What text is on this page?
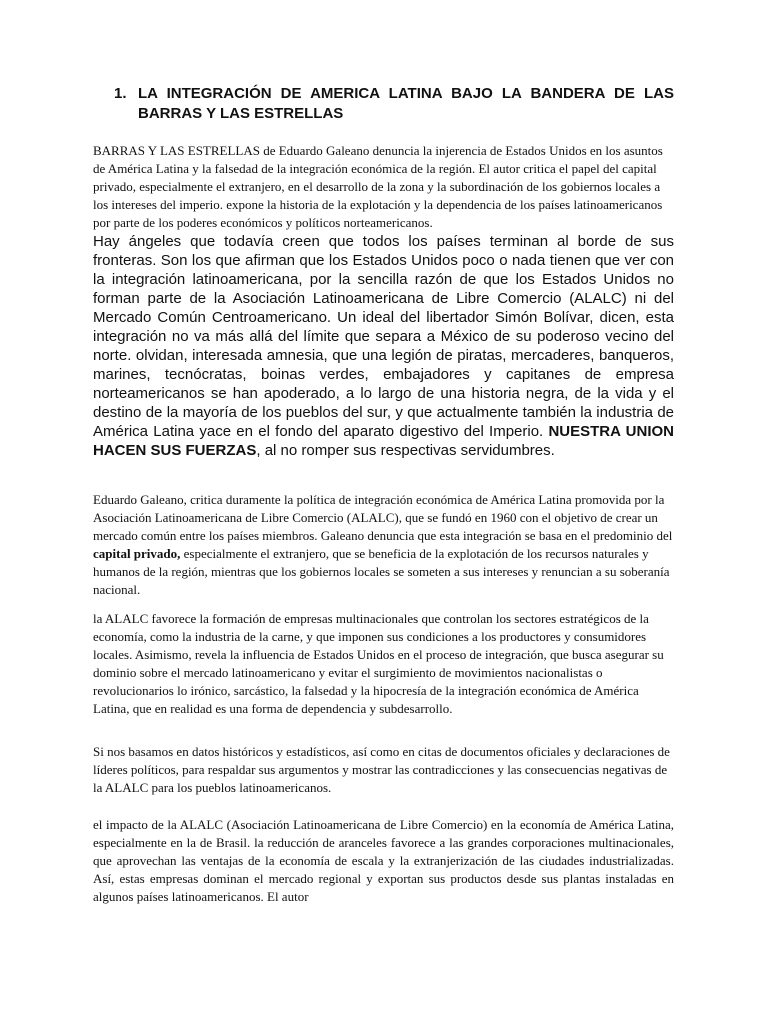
1. LA INTEGRACIÓN DE AMERICA LATINA BAJO LA BANDERA DE LAS BARRAS Y LAS ESTRELLAS

BARRAS Y LAS ESTRELLAS de Eduardo Galeano denuncia la injerencia de Estados Unidos en los asuntos de América Latina y la falsedad de la integración económica de la región. El autor critica el papel del capital privado, especialmente el extranjero, en el desarrollo de la zona y la subordinación de los gobiernos locales a los intereses del imperio. expone la historia de la explotación y la dependencia de los países latinoamericanos por parte de los poderes económicos y políticos norteamericanos.

Hay ángeles que todavía creen que todos los países terminan al borde de sus fronteras. Son los que afirman que los Estados Unidos poco o nada tienen que ver con la integración latinoamericana, por la sencilla razón de que los Estados Unidos no forman parte de la Asociación Latinoamericana de Libre Comercio (ALALC) ni del Mercado Común Centroamericano. Un ideal del libertador Simón Bolívar, dicen, esta integración no va más allá del límite que separa a México de su poderoso vecino del norte. olvidan, interesada amnesia, que una legión de piratas, mercaderes, banqueros, marines, tecnócratas, boinas verdes, embajadores y capitanes de empresa norteamericanos se han apoderado, a lo largo de una historia negra, de la vida y el destino de la mayoría de los pueblos del sur, y que actualmente también la industria de América Latina yace en el fondo del aparato digestivo del Imperio. NUESTRA UNION HACEN SUS FUERZAS, al no romper sus respectivas servidumbres.

Eduardo Galeano, critica duramente la política de integración económica de América Latina promovida por la Asociación Latinoamericana de Libre Comercio (ALALC), que se fundó en 1960 con el objetivo de crear un mercado común entre los países miembros. Galeano denuncia que esta integración se basa en el predominio del capital privado, especialmente el extranjero, que se beneficia de la explotación de los recursos naturales y humanos de la región, mientras que los gobiernos locales se someten a sus intereses y renuncian a su soberanía nacional.

la ALALC favorece la formación de empresas multinacionales que controlan los sectores estratégicos de la economía, como la industria de la carne, y que imponen sus condiciones a los productores y consumidores locales. Asimismo, revela la influencia de Estados Unidos en el proceso de integración, que busca asegurar su dominio sobre el mercado latinoamericano y evitar el surgimiento de movimientos nacionalistas o revolucionarios lo irónico, sarcástico, la falsedad y la hipocresía de la integración económica de América Latina, que en realidad es una forma de dependencia y subdesarrollo.

Si nos basamos en datos históricos y estadísticos, así como en citas de documentos oficiales y declaraciones de líderes políticos, para respaldar sus argumentos y mostrar las contradicciones y las consecuencias negativas de la ALALC para los pueblos latinoamericanos.

el impacto de la ALALC (Asociación Latinoamericana de Libre Comercio) en la economía de América Latina, especialmente en la de Brasil. la reducción de aranceles favorece a las grandes corporaciones multinacionales, que aprovechan las ventajas de la economía de escala y la extranjerización de las ciudades industrializadas. Así, estas empresas dominan el mercado regional y exportan sus productos desde sus plantas instaladas en algunos países latinoamericanos. El autor
